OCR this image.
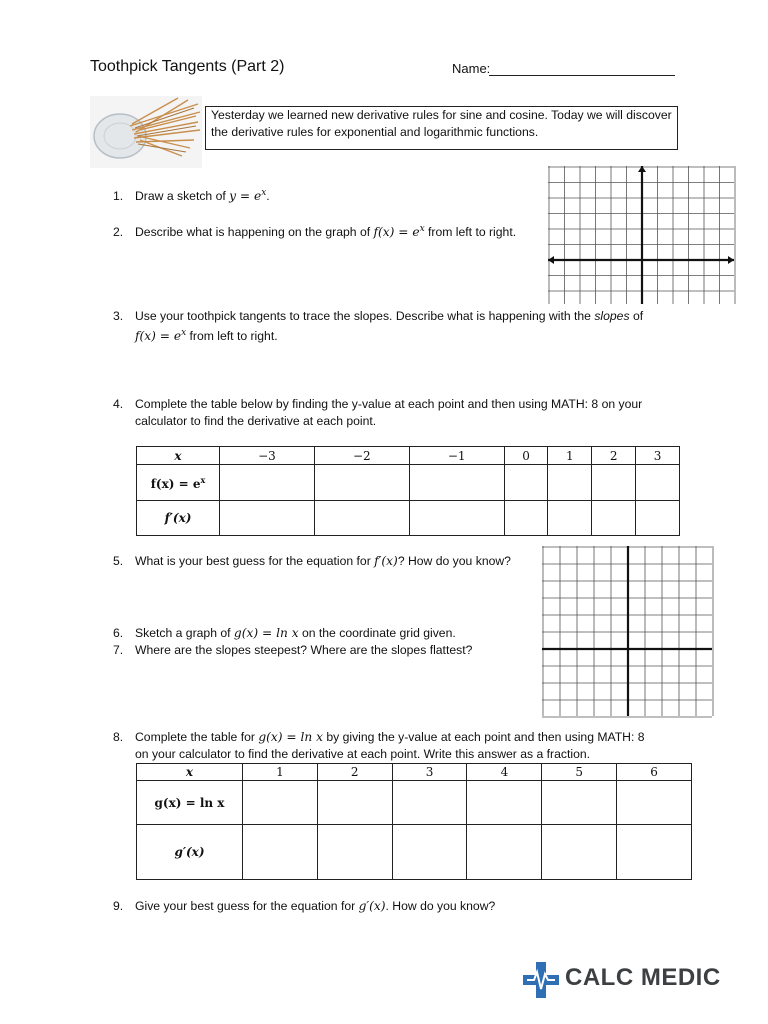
Toothpick Tangents (Part 2)	Name:
Yesterday we learned new derivative rules for sine and cosine. Today we will discover the derivative rules for exponential and logarithmic functions.
1. Draw a sketch of $y = e^x$.
2. Describe what is happening on the graph of $f(x) = e^x$ from left to right.
3. Use your toothpick tangents to trace the slopes. Describe what is happening with the slopes of
$f(x) = e^x$ from left to right.
4. Complete the table below by finding the y-value at each point and then using MATH: 8 on your
calculator to find the derivative at each point.
x	−3	−2	−1	0	1	2	3
$f(x) = e^x$							
f′(x)							
5. What is your best guess for the equation for f′(x)? How do you know?
6. Sketch a graph of g(x) = ln x on the coordinate grid given.
7. Where are the slopes steepest? Where are the slopes flattest?
8. Complete the table for g(x) = ln x by giving the y-value at each point and then using MATH: 8
on your calculator to find the derivative at each point. Write this answer as a fraction.
x	1	2	3	4	5	6
g(x) = ln x						
g′(x)						
9. Give your best guess for the equation for g′(x). How do you know?
CALC MEDIC
